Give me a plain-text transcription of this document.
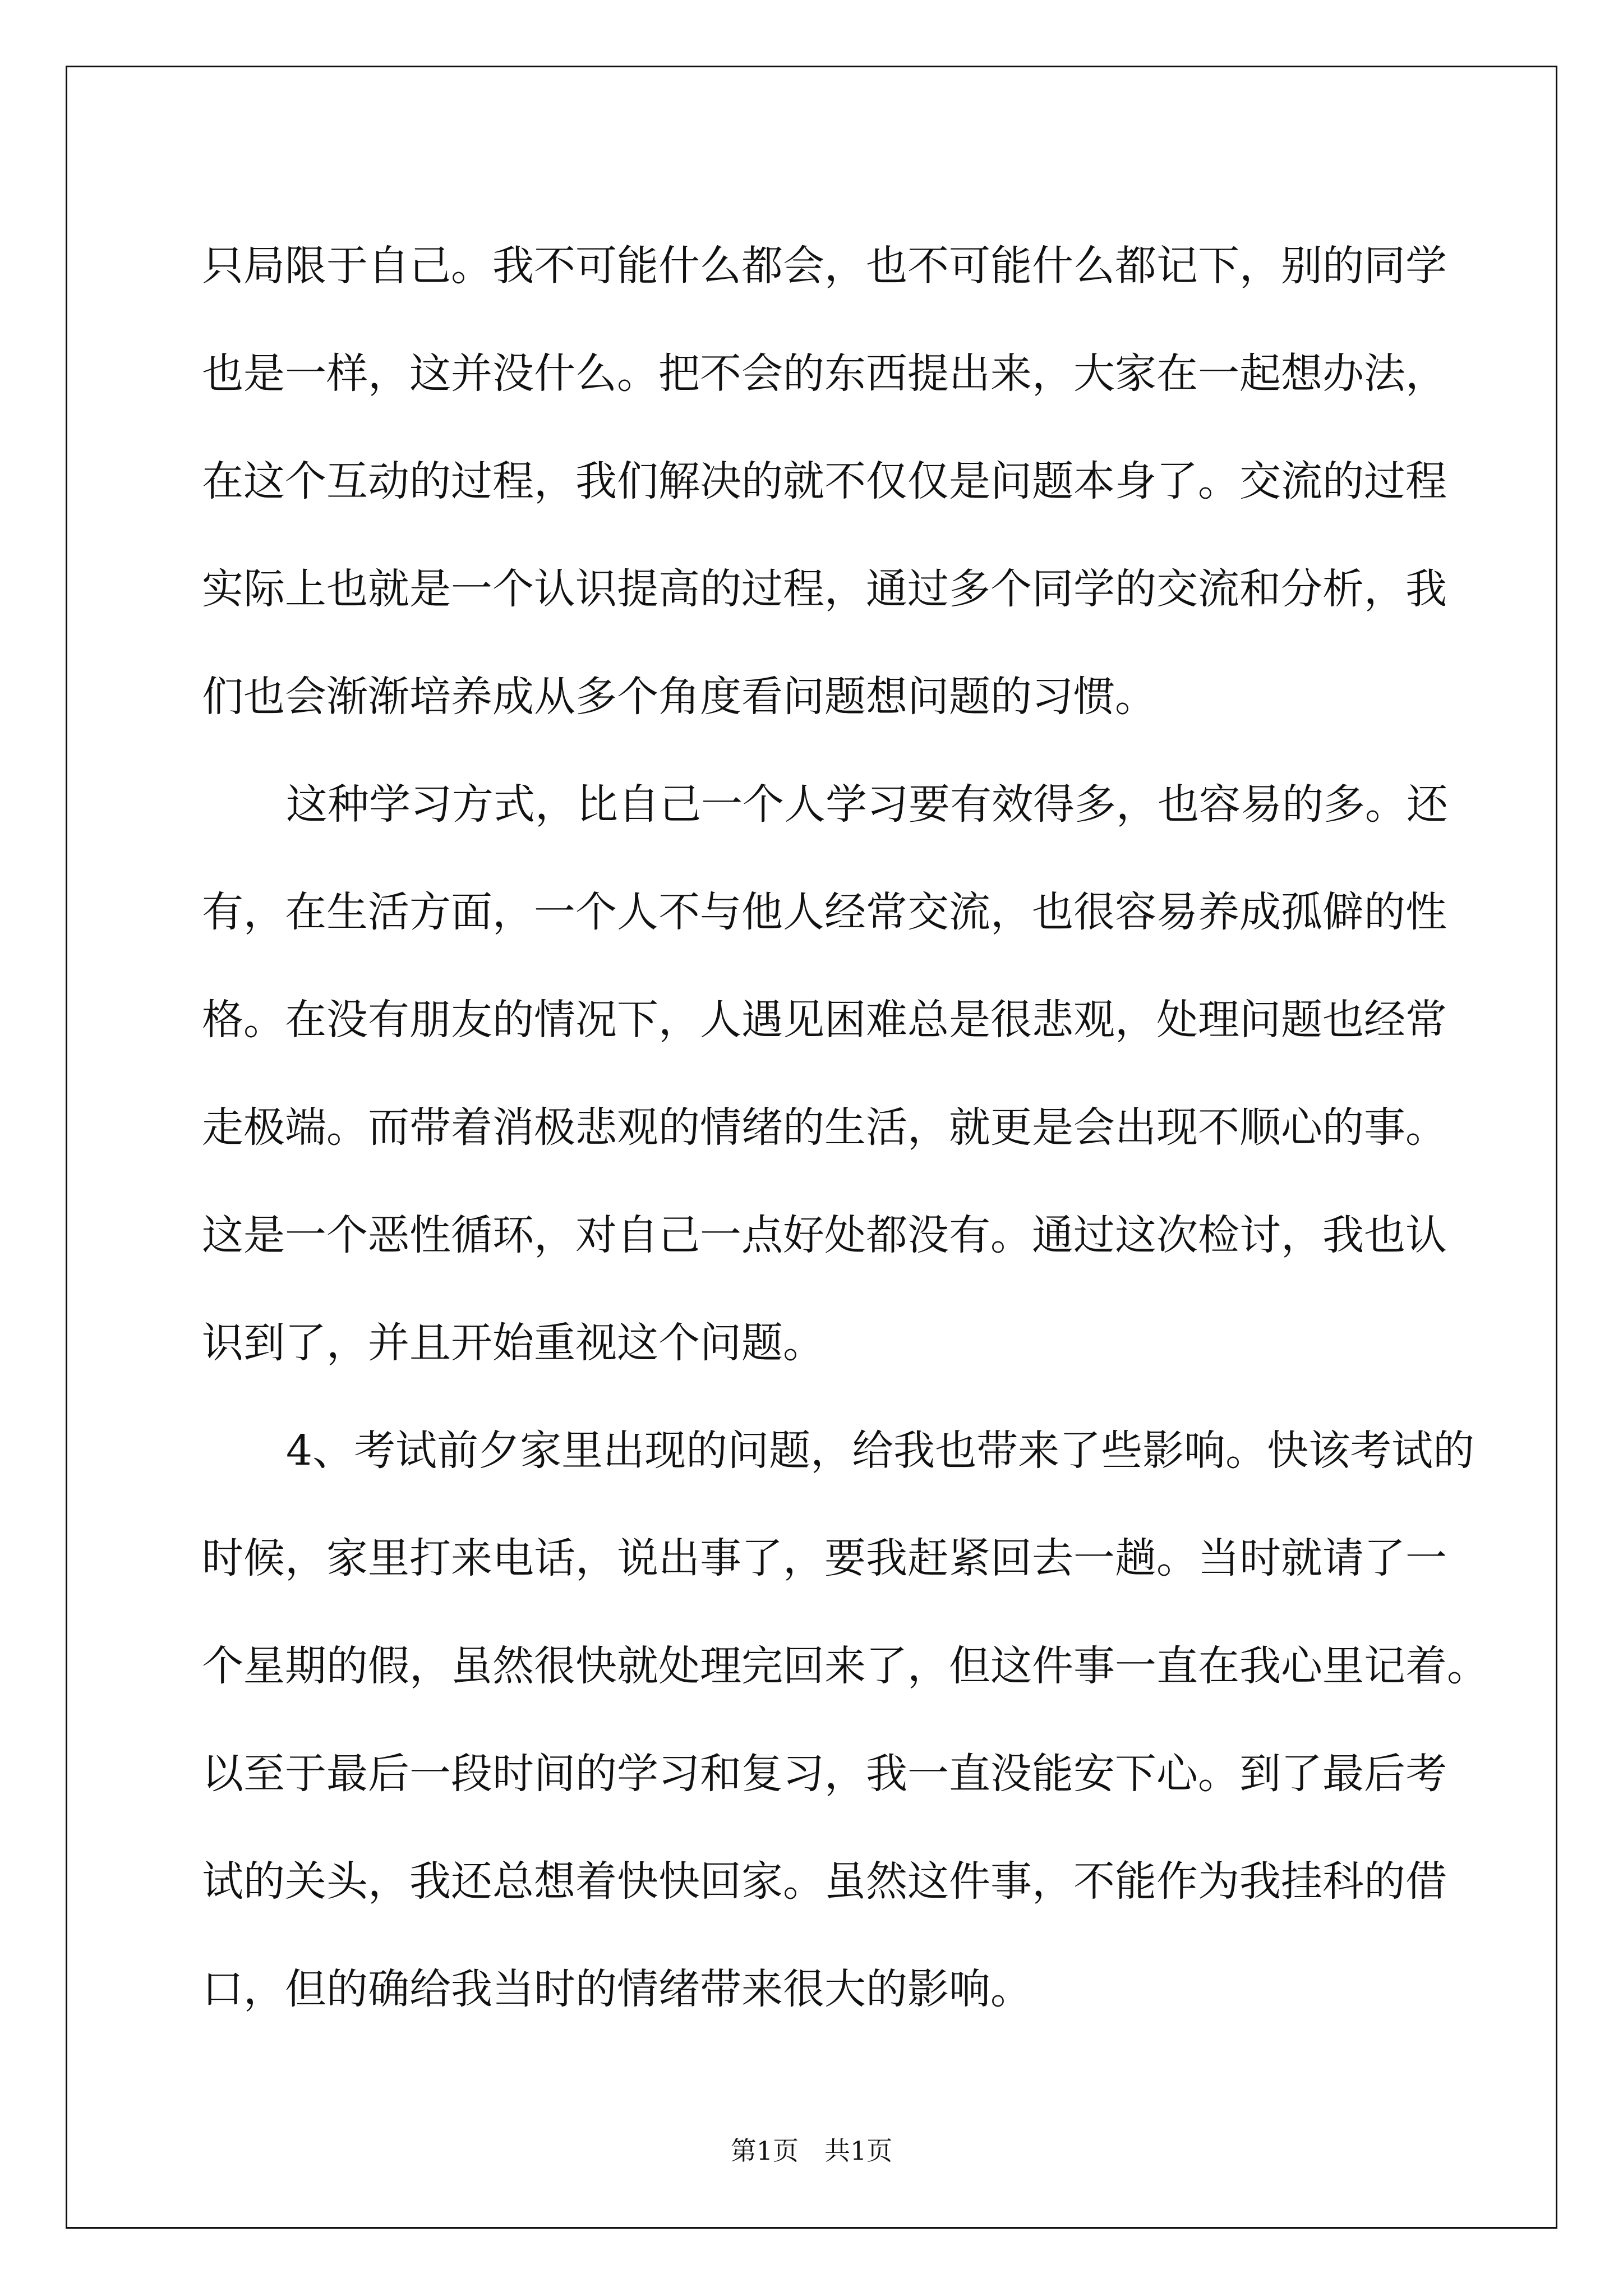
只局限于自己。我不可能什么都会，也不可能什么都记下，别的同学
也是一样，这并没什么。把不会的东西提出来，大家在一起想办法，
在这个互动的过程，我们解决的就不仅仅是问题本身了。交流的过程
实际上也就是一个认识提高的过程，通过多个同学的交流和分析，我
们也会渐渐培养成从多个角度看问题想问题的习惯。
这种学习方式，比自己一个人学习要有效得多，也容易的多。还
有，在生活方面，一个人不与他人经常交流，也很容易养成孤僻的性
格。在没有朋友的情况下，人遇见困难总是很悲观，处理问题也经常
走极端。而带着消极悲观的情绪的生活，就更是会出现不顺心的事。
这是一个恶性循环，对自己一点好处都没有。通过这次检讨，我也认
识到了，并且开始重视这个问题。
4、考试前夕家里出现的问题，给我也带来了些影响。快该考试的
时候，家里打来电话，说出事了，要我赶紧回去一趟。当时就请了一
个星期的假，虽然很快就处理完回来了，但这件事一直在我心里记着。
以至于最后一段时间的学习和复习，我一直没能安下心。到了最后考
试的关头，我还总想着快快回家。虽然这件事，不能作为我挂科的借
口，但的确给我当时的情绪带来很大的影响。
第1页　共1页
